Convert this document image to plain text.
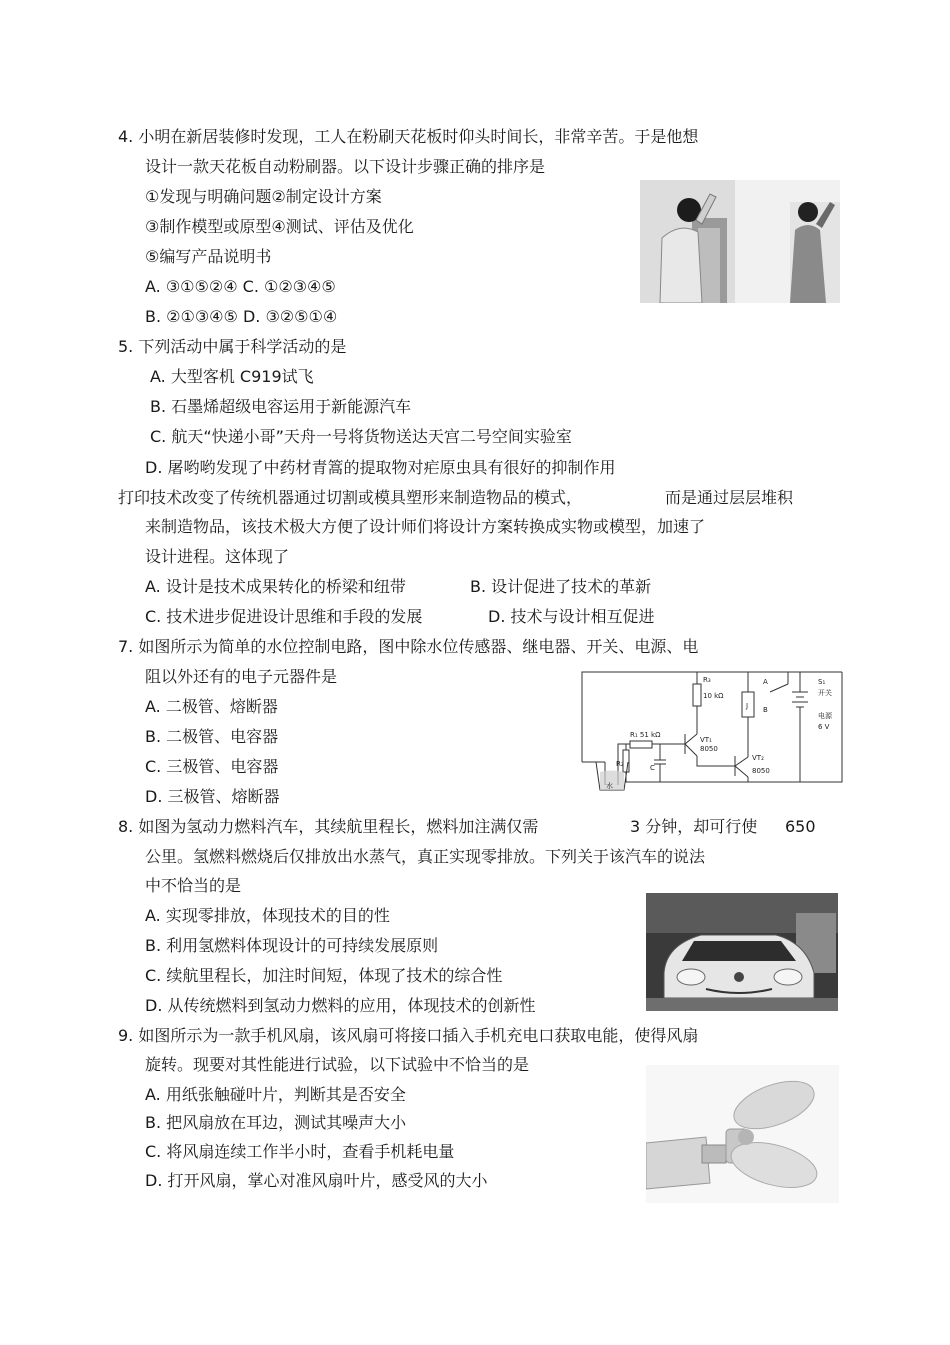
4. 小明在新居装修时发现，工人在粉刷天花板时仰头时间长，非常辛苦。于是他想
设计一款天花板自动粉刷器。以下设计步骤正确的排序是
①发现与明确问题②制定设计方案
③制作模型或原型④测试、评估及优化
⑤编写产品说明书
A. ③①⑤②④ C. ①②③④⑤
B. ②①③④⑤ D. ③②⑤①④
5. 下列活动中属于科学活动的是
A. 大型客机 C919试飞
B. 石墨烯超级电容运用于新能源汽车
C. 航天“快递小哥”天舟一号将货物送达天宫二号空间实验室
D. 屠哟哟发现了中药材青篙的提取物对疟原虫具有很好的抑制作用
打印技术改变了传统机器通过切割或模具塑形来制造物品的模式，	而是通过层层堆积
来制造物品，该技术极大方便了设计师们将设计方案转换成实物或模型，加速了
设计进程。这体现了
A. 设计是技术成果转化的桥梁和纽带	B. 设计促进了技术的革新
C. 技术进步促进设计思维和手段的发展	D. 技术与设计相互促进
7. 如图所示为简单的水位控制电路，图中除水位传感器、继电器、开关、电源、电
阻以外还有的电子元器件是
A. 二极管、熔断器
B. 二极管、电容器
C. 三极管、电容器
D. 三极管、熔断器
R₃
10 kΩ
R₁ 51 kΩ
R₂	C
VT₁
8050
VT₂
8050
S₁
开关
电源
6 V
A
B
J
水
8. 如图为氢动力燃料汽车，其续航里程长，燃料加注满仅需	3 分钟，却可行使 650
公里。氢燃料燃烧后仅排放出水蒸气，真正实现零排放。下列关于该汽车的说法
中不恰当的是
A. 实现零排放，体现技术的目的性
B. 利用氢燃料体现设计的可持续发展原则
C. 续航里程长，加注时间短，体现了技术的综合性
D. 从传统燃料到氢动力燃料的应用，体现技术的创新性
9. 如图所示为一款手机风扇，该风扇可将接口插入手机充电口获取电能，使得风扇
旋转。现要对其性能进行试验，以下试验中不恰当的是
A. 用纸张触碰叶片，判断其是否安全
B. 把风扇放在耳边，测试其噪声大小
C. 将风扇连续工作半小时，查看手机耗电量
D. 打开风扇，掌心对准风扇叶片，感受风的大小
